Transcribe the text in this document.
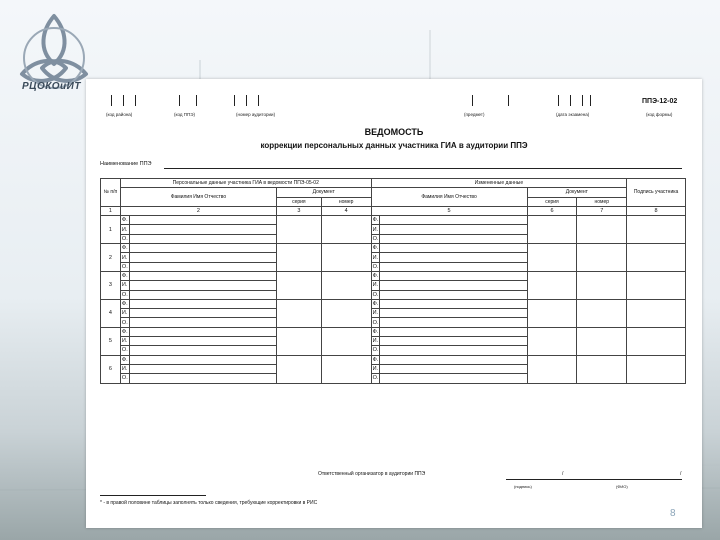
РЦОКОиИТ
(код района)	(код ППЭ)	(номер аудитории)	(предмет)	(дата экзамена)
ППЭ-12-02
(код формы)
ВЕДОМОСТЬ
коррекции персональных данных участника ГИА в аудитории ППЭ
Наименование ППЭ
№ п/п	Персональные данные участника ГИА в ведомости ППЭ-05-02				Измененные данные				Подпись участника
	Фамилия Имя Отчество		Документ		Фамилия Имя Отчество		Документ		
			серия	номер			серия	номер	
1	2		3	4	5		6	7	8
1	Ф.				Ф.				
	И.				И.				
	О.				О.				
2	Ф.				Ф.				
	И.				И.				
	О.				О.				
3	Ф.				Ф.				
	И.				И.				
	О.				О.				
4	Ф.				Ф.				
	И.				И.				
	О.				О.				
5	Ф.				Ф.				
	И.				И.				
	О.				О.				
6	Ф.				Ф.				
	И.				И.				
	О.				О.				
Ответственный организатор в аудитории ППЭ	/
(подпись)
/
(ФИО)
* - в правой половине таблицы заполнять только сведения, требующие корректировки в РИС
8
